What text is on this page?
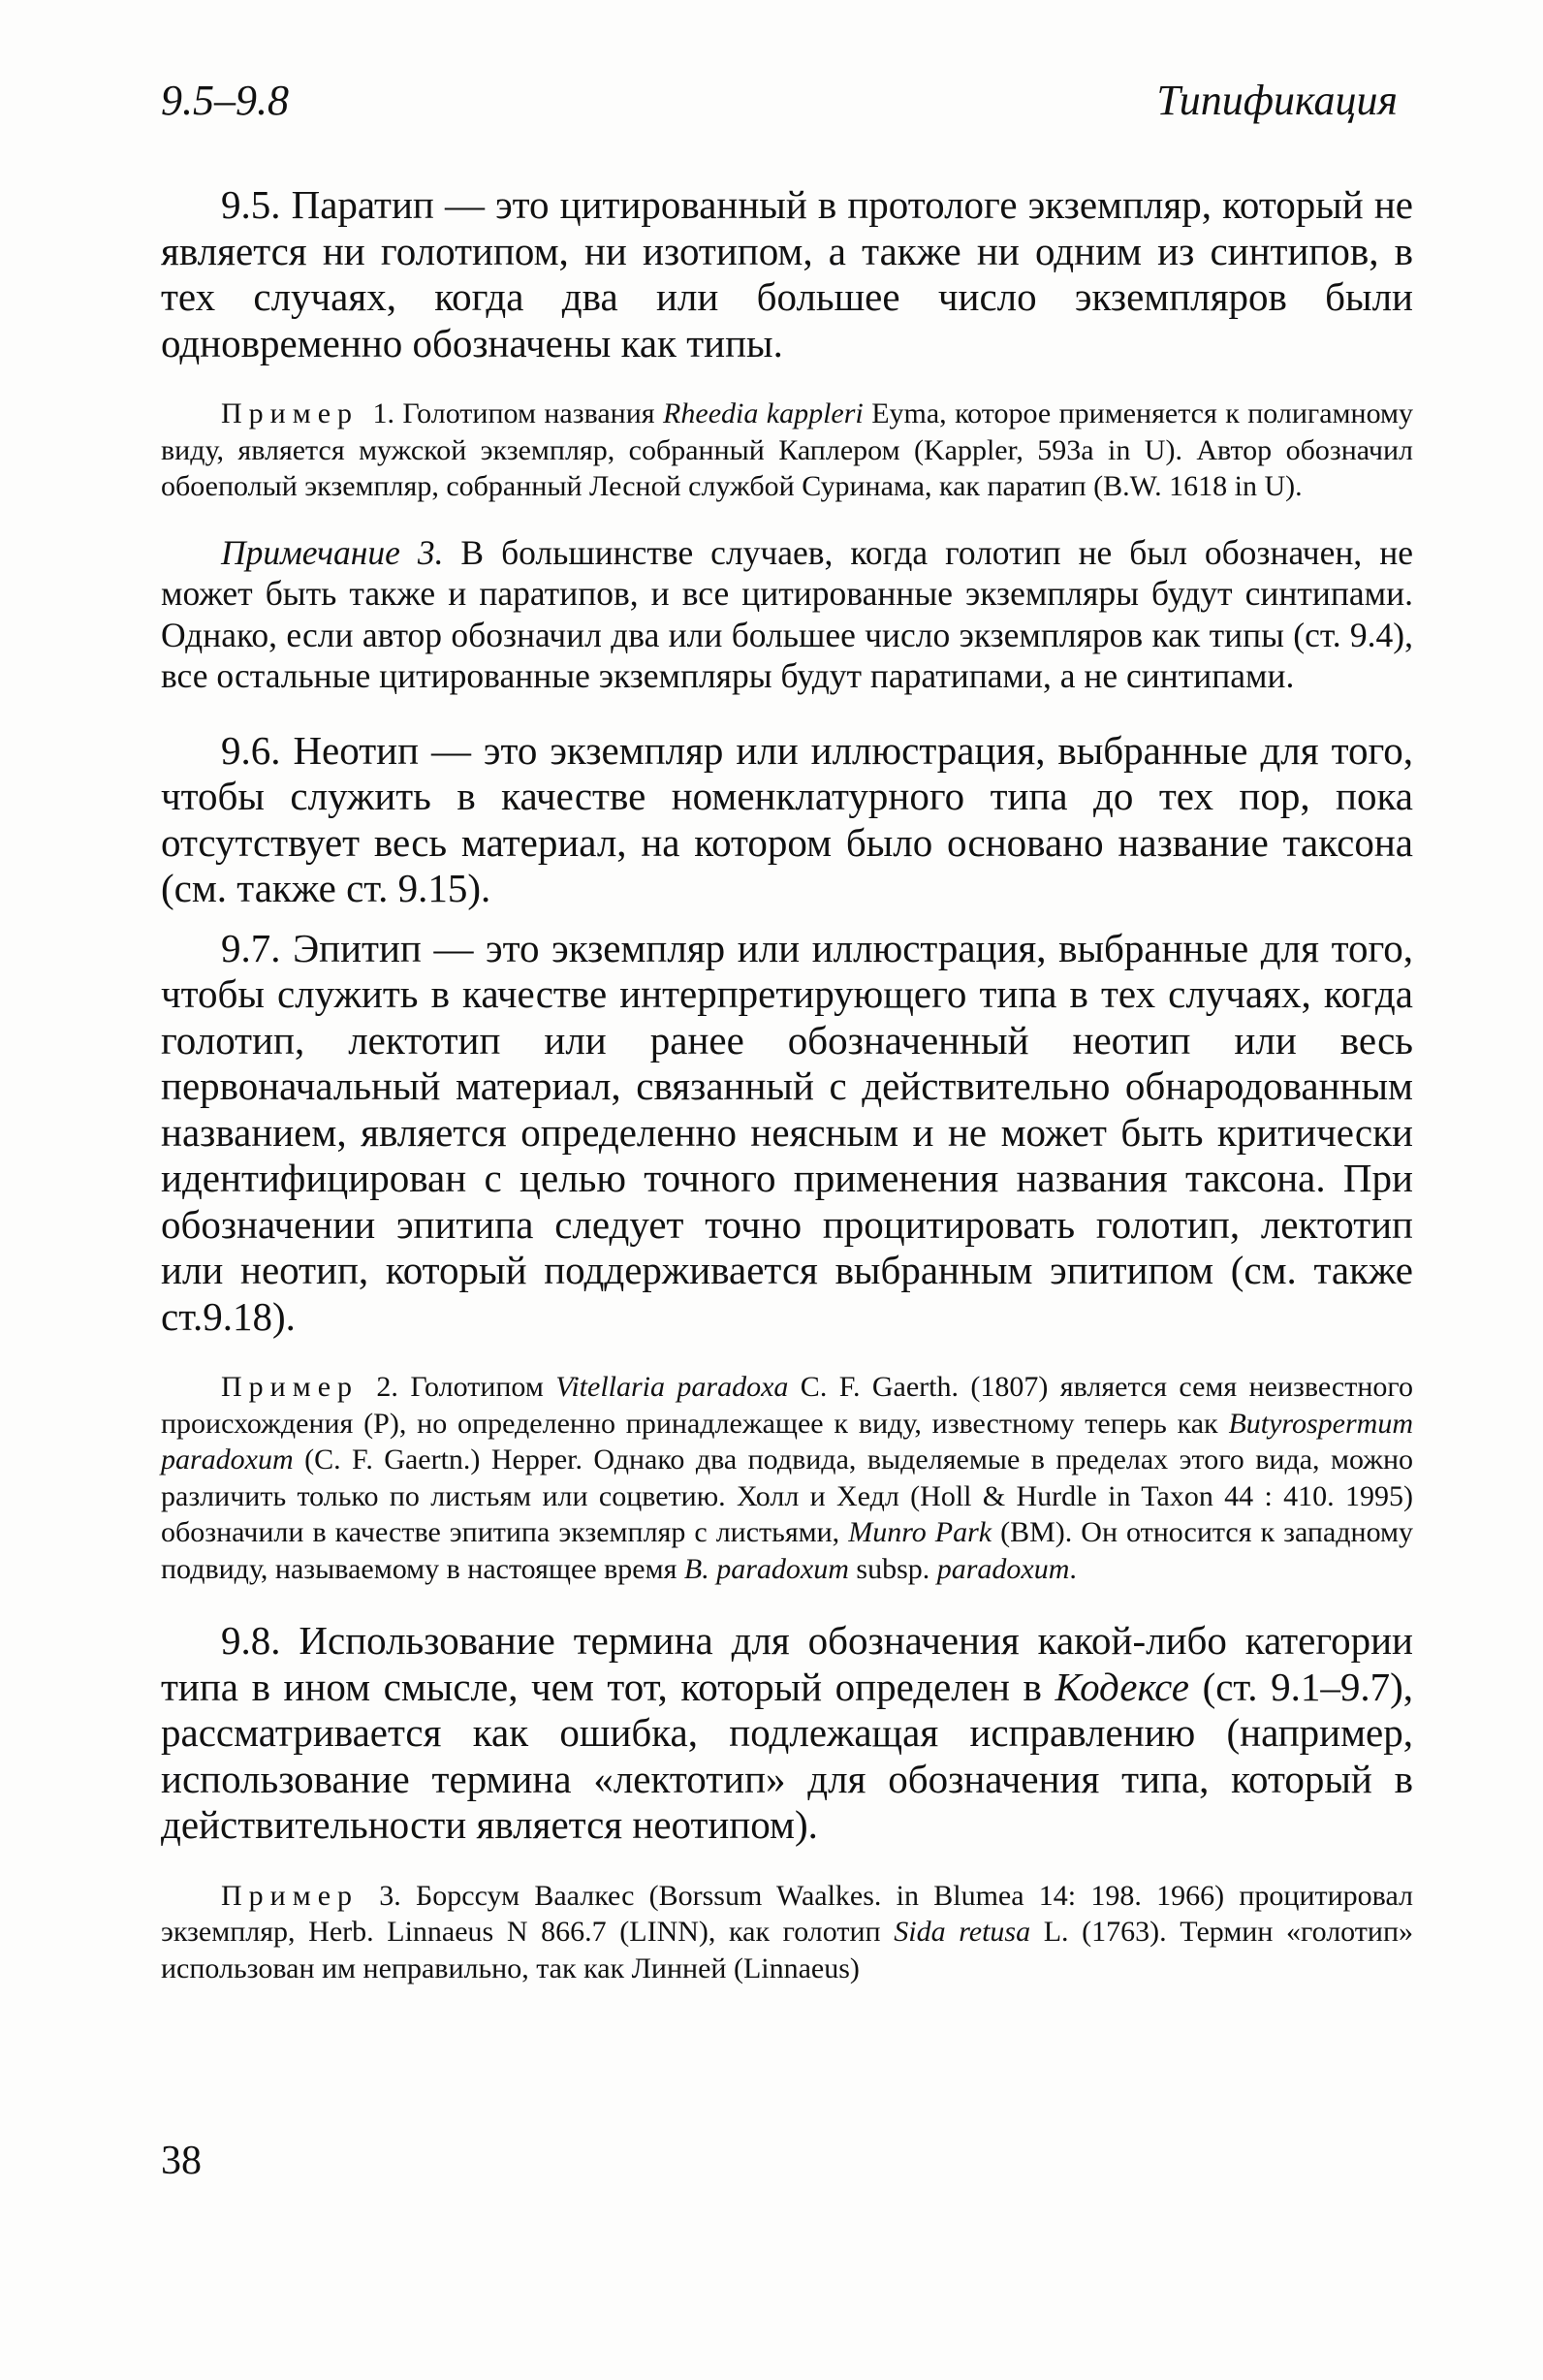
9.5–9.8	Типификация

9.5. Паратип — это цитированный в протологе экземпляр, который не является ни голотипом, ни изотипом, а также ни одним из синтипов, в тех случаях, когда два или большее число экземпляров были одновременно обозначены как типы.

Пример 1. Голотипом названия Rheedia kappleri Eyma, которое применяется к полигамному виду, является мужской экземпляр, собранный Каплером (Kappler, 593a in U). Автор обозначил обоеполый экземпляр, собранный Лесной службой Суринама, как паратип (B.W. 1618 in U).

Примечание 3. В большинстве случаев, когда голотип не был обозначен, не может быть также и паратипов, и все цитированные экземпляры будут синтипами. Однако, если автор обозначил два или большее число экземпляров как типы (ст. 9.4), все остальные цитированные экземпляры будут паратипами, а не синтипами.

9.6. Неотип — это экземпляр или иллюстрация, выбранные для того, чтобы служить в качестве номенклатурного типа до тех пор, пока отсутствует весь материал, на котором было основано название таксона (см. также ст. 9.15).

9.7. Эпитип — это экземпляр или иллюстрация, выбранные для того, чтобы служить в качестве интерпретирующего типа в тех случаях, когда голотип, лектотип или ранее обозначенный неотип или весь первоначальный материал, связанный с действительно обнародованным названием, является определенно неясным и не может быть критически идентифицирован с целью точного применения названия таксона. При обозначении эпитипа следует точно процитировать голотип, лектотип или неотип, который поддерживается выбранным эпитипом (см. также ст.9.18).

Пример 2. Голотипом Vitellaria paradoxa C. F. Gaerth. (1807) является семя неизвестного происхождения (P), но определенно принадлежащее к виду, известному теперь как Butyrospermum paradoxum (C. F. Gaertn.) Hepper. Однако два подвида, выделяемые в пределах этого вида, можно различить только по листьям или соцветию. Холл и Хедл (Holl & Hurdle in Taxon 44 : 410. 1995) обозначили в качестве эпитипа экземпляр с листьями, Munro Park (BM). Он относится к западному подвиду, называемому в настоящее время B. paradoxum subsp. paradoxum.

9.8. Использование термина для обозначения какой-либо категории типа в ином смысле, чем тот, который определен в Кодексе (ст. 9.1–9.7), рассматривается как ошибка, подлежащая исправлению (например, использование термина «лектотип» для обозначения типа, который в действительности является неотипом).

Пример 3. Борссум Ваалкес (Borssum Waalkes. in Blumea 14: 198. 1966) процитировал экземпляр, Herb. Linnaeus N 866.7 (LINN), как голотип Sida retusa L. (1763). Термин «голотип» использован им неправильно, так как Линней (Linnaeus)

38
